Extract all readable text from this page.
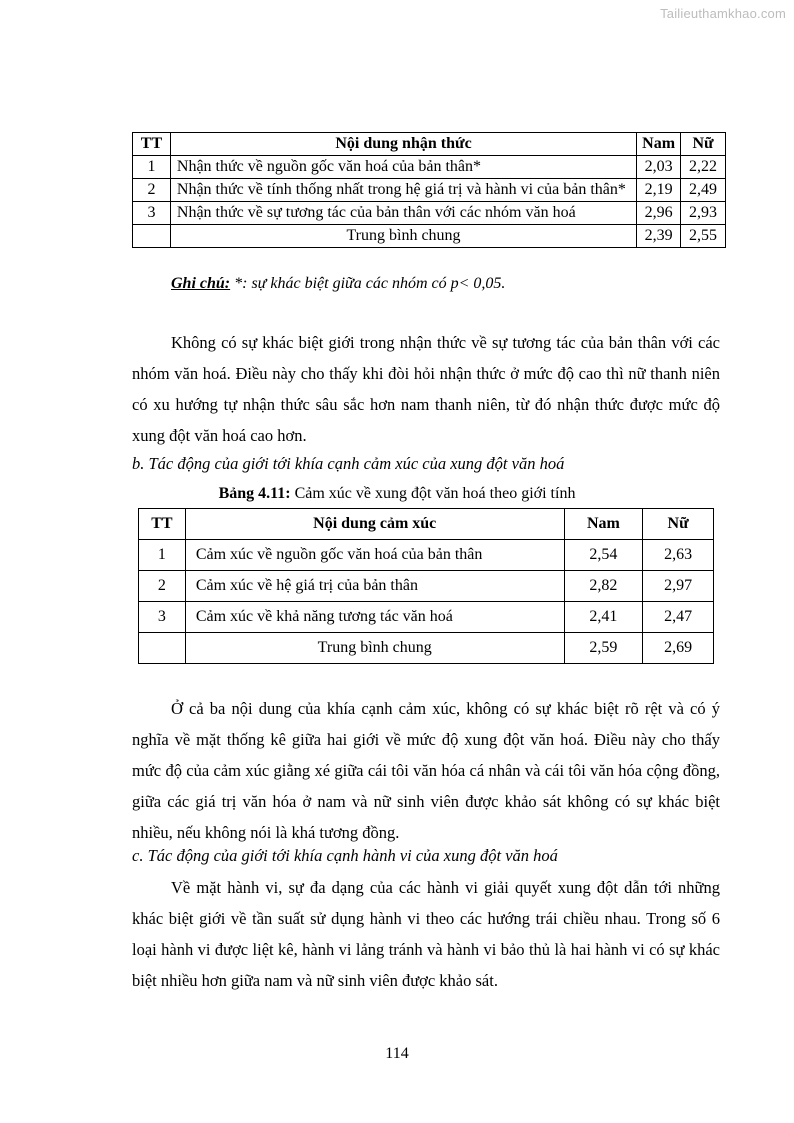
Tailieuthamkhao.com
TT	Nội dung nhận thức	Nam	Nữ
1	Nhận thức về nguồn gốc văn hoá của bản thân*	2,03	2,22
2	Nhận thức về tính thống nhất trong hệ giá trị và hành vi của bản thân*	2,19	2,49
3	Nhận thức về sự tương tác của bản thân với các nhóm văn hoá	2,96	2,93
	Trung bình chung	2,39	2,55
Ghi chú: *: sự khác biệt giữa các nhóm có p< 0,05.

Không có sự khác biệt giới trong nhận thức về sự tương tác của bản thân với các nhóm văn hoá. Điều này cho thấy khi đòi hỏi nhận thức ở mức độ cao thì nữ thanh niên có xu hướng tự nhận thức sâu sắc hơn nam thanh niên, từ đó nhận thức được mức độ xung đột văn hoá cao hơn.

b. Tác động của giới tới khía cạnh cảm xúc của xung đột văn hoá
Bảng 4.11: Cảm xúc về xung đột văn hoá theo giới tính
TT	Nội dung cảm xúc	Nam	Nữ
1	Cảm xúc về nguồn gốc văn hoá của bản thân	2,54	2,63
2	Cảm xúc về hệ giá trị của bản thân	2,82	2,97
3	Cảm xúc về khả năng tương tác văn hoá	2,41	2,47
	Trung bình chung	2,59	2,69

Ở cả ba nội dung của khía cạnh cảm xúc, không có sự khác biệt rõ rệt và có ý nghĩa về mặt thống kê giữa hai giới về mức độ xung đột văn hoá. Điều này cho thấy mức độ của cảm xúc giằng xé giữa cái tôi văn hóa cá nhân và cái tôi văn hóa cộng đồng, giữa các giá trị văn hóa ở nam và nữ sinh viên được khảo sát không có sự khác biệt nhiều, nếu không nói là khá tương đồng.

c. Tác động của giới tới khía cạnh hành vi của xung đột văn hoá

Về mặt hành vi, sự đa dạng của các hành vi giải quyết xung đột dẫn tới những khác biệt giới về tần suất sử dụng hành vi theo các hướng trái chiều nhau. Trong số 6 loại hành vi được liệt kê, hành vi lảng tránh và hành vi bảo thủ là hai hành vi có sự khác biệt nhiều hơn giữa nam và nữ sinh viên được khảo sát.

114
